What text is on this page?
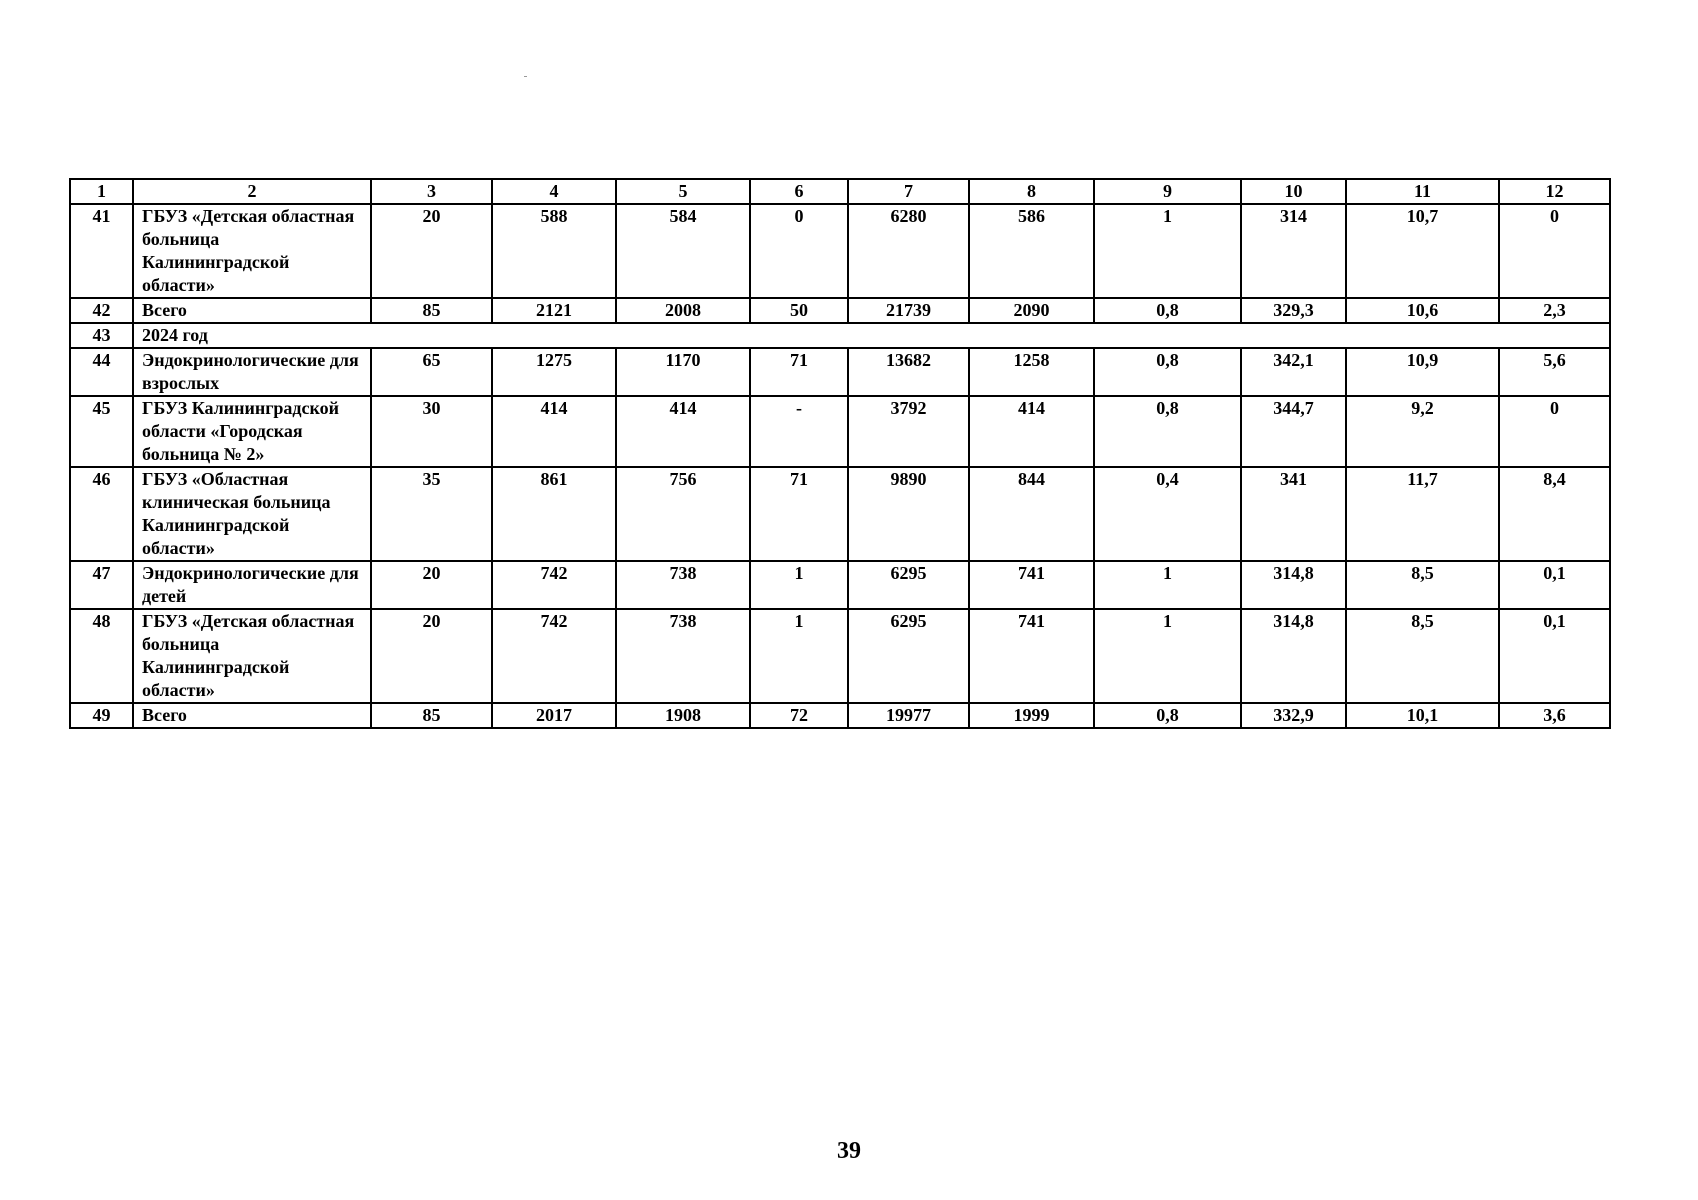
1	2	3	4	5	6	7	8	9	10	11	12
41	ГБУЗ «Детская областная больница Калининградской области»	20	588	584	0	6280	586	1	314	10,7	0
42	Всего	85	2121	2008	50	21739	2090	0,8	329,3	10,6	2,3
43	2024 год										
44	Эндокринологические для взрослых	65	1275	1170	71	13682	1258	0,8	342,1	10,9	5,6
45	ГБУЗ Калининградской области «Городская больница № 2»	30	414	414	-	3792	414	0,8	344,7	9,2	0
46	ГБУЗ «Областная клиническая больница Калининградской области»	35	861	756	71	9890	844	0,4	341	11,7	8,4
47	Эндокринологические для детей	20	742	738	1	6295	741	1	314,8	8,5	0,1
48	ГБУЗ «Детская областная больница Калининградской области»	20	742	738	1	6295	741	1	314,8	8,5	0,1
49	Всего	85	2017	1908	72	19977	1999	0,8	332,9	10,1	3,6
39
